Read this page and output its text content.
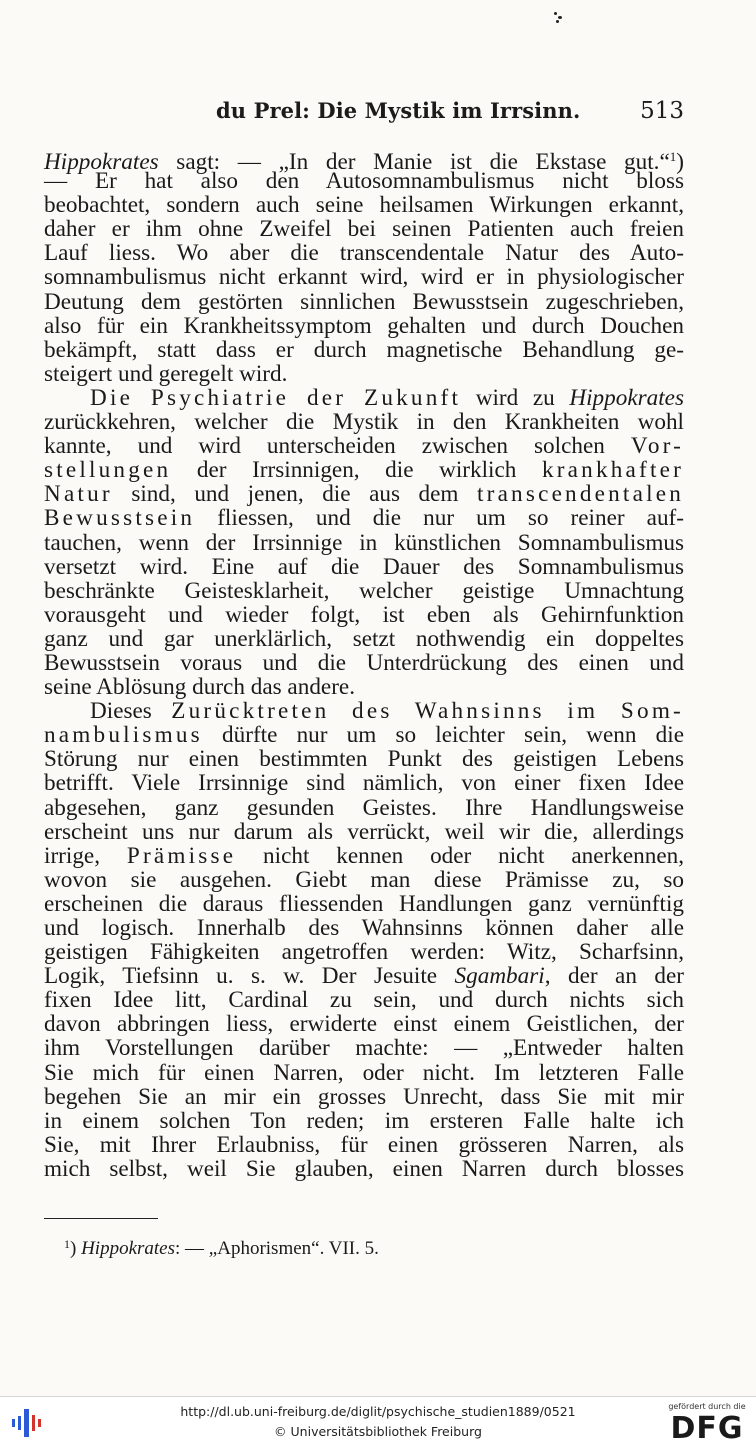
du Prel: Die Mystik im Irrsinn.	513
Hippokrates sagt: — „In der Manie ist die Ekstase gut.“$^1$)
— Er hat also den Autosomnambulismus nicht bloss
beobachtet, sondern auch seine heilsamen Wirkungen erkannt,
daher er ihm ohne Zweifel bei seinen Patienten auch freien
Lauf liess. Wo aber die transcendentale Natur des Auto-
somnambulismus nicht erkannt wird, wird er in physiologischer
Deutung dem gestörten sinnlichen Bewusstsein zugeschrieben,
also für ein Krankheitssymptom gehalten und durch Douchen
bekämpft, statt dass er durch magnetische Behandlung ge-
steigert und geregelt wird.
Die Psychiatrie der Zukunft wird zu Hippokrates
zurückkehren, welcher die Mystik in den Krankheiten wohl
kannte, und wird unterscheiden zwischen solchen Vor-
stellungen der Irrsinnigen, die wirklich krankhafter
Natur sind, und jenen, die aus dem transcendentalen
Bewusstsein fliessen, und die nur um so reiner auf-
tauchen, wenn der Irrsinnige in künstlichen Somnambulismus
versetzt wird. Eine auf die Dauer des Somnambulismus
beschränkte Geistesklarheit, welcher geistige Umnachtung
vorausgeht und wieder folgt, ist eben als Gehirnfunktion
ganz und gar unerklärlich, setzt nothwendig ein doppeltes
Bewusstsein voraus und die Unterdrückung des einen und
seine Ablösung durch das andere.
Dieses Zurücktreten des Wahnsinns im Som-
nambulismus dürfte nur um so leichter sein, wenn die
Störung nur einen bestimmten Punkt des geistigen Lebens
betrifft. Viele Irrsinnige sind nämlich, von einer fixen Idee
abgesehen, ganz gesunden Geistes. Ihre Handlungsweise
erscheint uns nur darum als verrückt, weil wir die, allerdings
irrige, Prämisse nicht kennen oder nicht anerkennen,
wovon sie ausgehen. Giebt man diese Prämisse zu, so
erscheinen die daraus fliessenden Handlungen ganz vernünftig
und logisch. Innerhalb des Wahnsinns können daher alle
geistigen Fähigkeiten angetroffen werden: Witz, Scharfsinn,
Logik, Tiefsinn u. s. w. Der Jesuite Sgambari, der an der
fixen Idee litt, Cardinal zu sein, und durch nichts sich
davon abbringen liess, erwiderte einst einem Geistlichen, der
ihm Vorstellungen darüber machte: — „Entweder halten
Sie mich für einen Narren, oder nicht. Im letzteren Falle
begehen Sie an mir ein grosses Unrecht, dass Sie mit mir
in einem solchen Ton reden; im ersteren Falle halte ich
Sie, mit Ihrer Erlaubniss, für einen grösseren Narren, als
mich selbst, weil Sie glauben, einen Narren durch blosses
$^1$) Hippokrates: — „Aphorismen“. VII. 5.
http://dl.ub.uni-freiburg.de/diglit/psychische_studien1889/0521
© Universitätsbibliothek Freiburg
gefördert durch die
DFG
